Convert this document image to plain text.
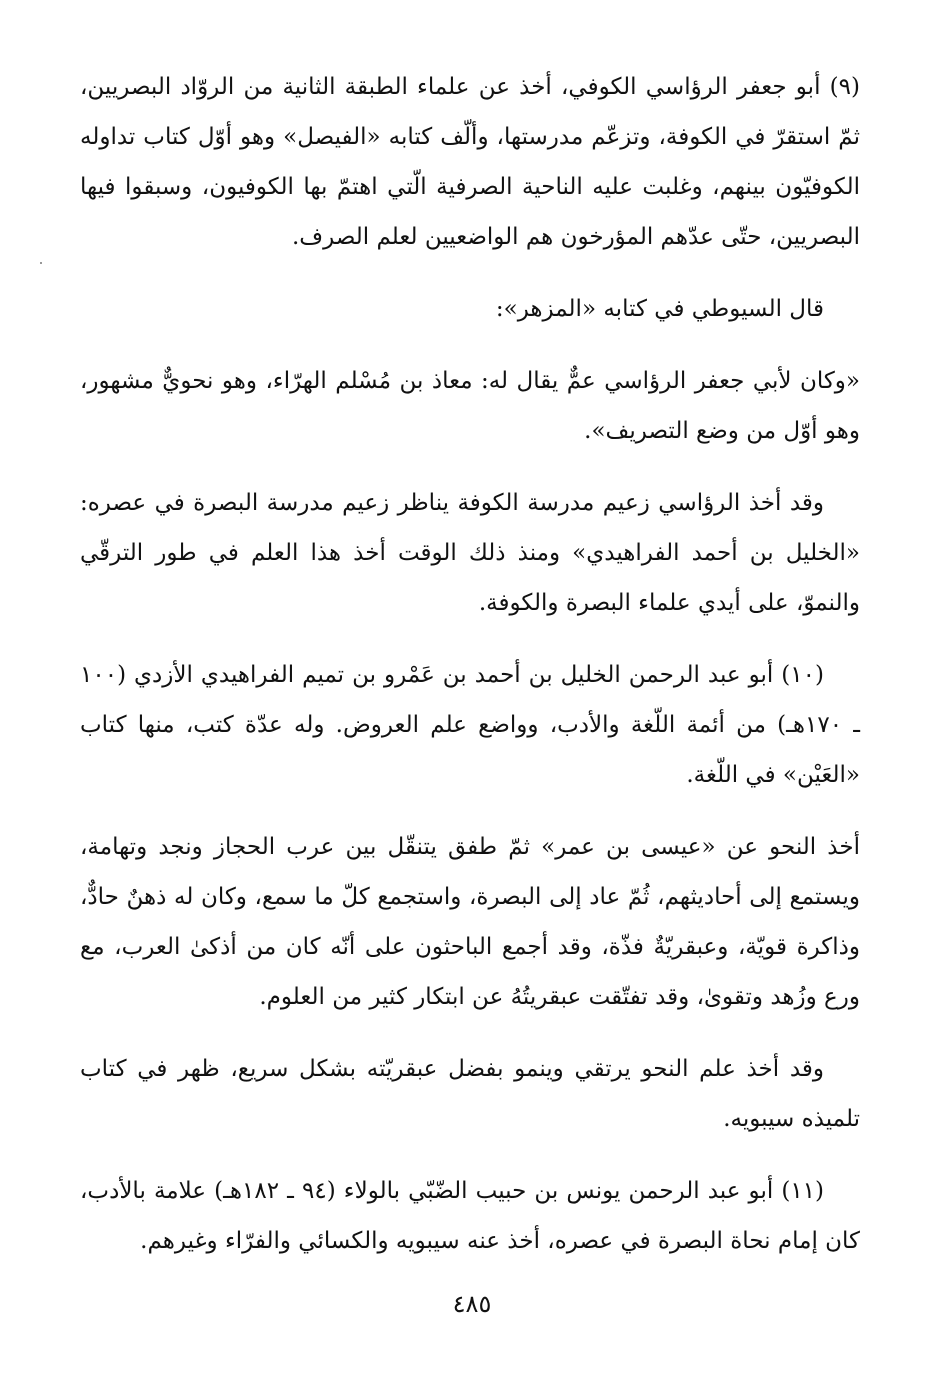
(٩) أبو جعفر الرؤاسي الكوفي، أخذ عن علماء الطبقة الثانية من الروّاد البصريين، ثمّ استقرّ في الكوفة، وتزعّم مدرستها، وألّف كتابه «الفيصل» وهو أوّل كتاب تداوله الكوفيّون بينهم، وغلبت عليه الناحية الصرفية الّتي اهتمّ بها الكوفيون، وسبقوا فيها البصريين، حتّى عدّهم المؤرخون هم الواضعيين لعلم الصرف.

قال السيوطي في كتابه «المزهر»:

«وكان لأبي جعفر الرؤاسي عمٌّ يقال له: معاذ بن مُسْلم الهرّاء، وهو نحويٌّ مشهور، وهو أوّل من وضع التصريف».

وقد أخذ الرؤاسي زعيم مدرسة الكوفة يناظر زعيم مدرسة البصرة في عصره: «الخليل بن أحمد الفراهيدي» ومنذ ذلك الوقت أخذ هذا العلم في طور الترقّي والنموّ، على أيدي علماء البصرة والكوفة.

(١٠) أبو عبد الرحمن الخليل بن أحمد بن عَمْرو بن تميم الفراهيدي الأزدي (١٠٠ ـ ١٧٠هـ) من أئمة اللّغة والأدب، وواضع علم العروض. وله عدّة كتب، منها كتاب «العَيْن» في اللّغة.

أخذ النحو عن «عيسى بن عمر» ثمّ طفق يتنقّل بين عرب الحجاز ونجد وتهامة، ويستمع إلى أحاديثهم، ثُمّ عاد إلى البصرة، واستجمع كلّ ما سمع، وكان له ذهنٌ حادٌّ، وذاكرة قويّة، وعبقريّةٌ فذّة، وقد أجمع الباحثون على أنّه كان من أذكىٰ العرب، مع ورع وزُهد وتقوىٰ، وقد تفتّقت عبقريتُهُ عن ابتكار كثير من العلوم.

وقد أخذ علم النحو يرتقي وينمو بفضل عبقريّته بشكل سريع، ظهر في كتاب تلميذه سيبويه.

(١١) أبو عبد الرحمن يونس بن حبيب الضّبّي بالولاء (٩٤ ـ ١٨٢هـ) علامة بالأدب، كان إمام نحاة البصرة في عصره، أخذ عنه سيبويه والكسائي والفرّاء وغيرهم.

٤٨٥
